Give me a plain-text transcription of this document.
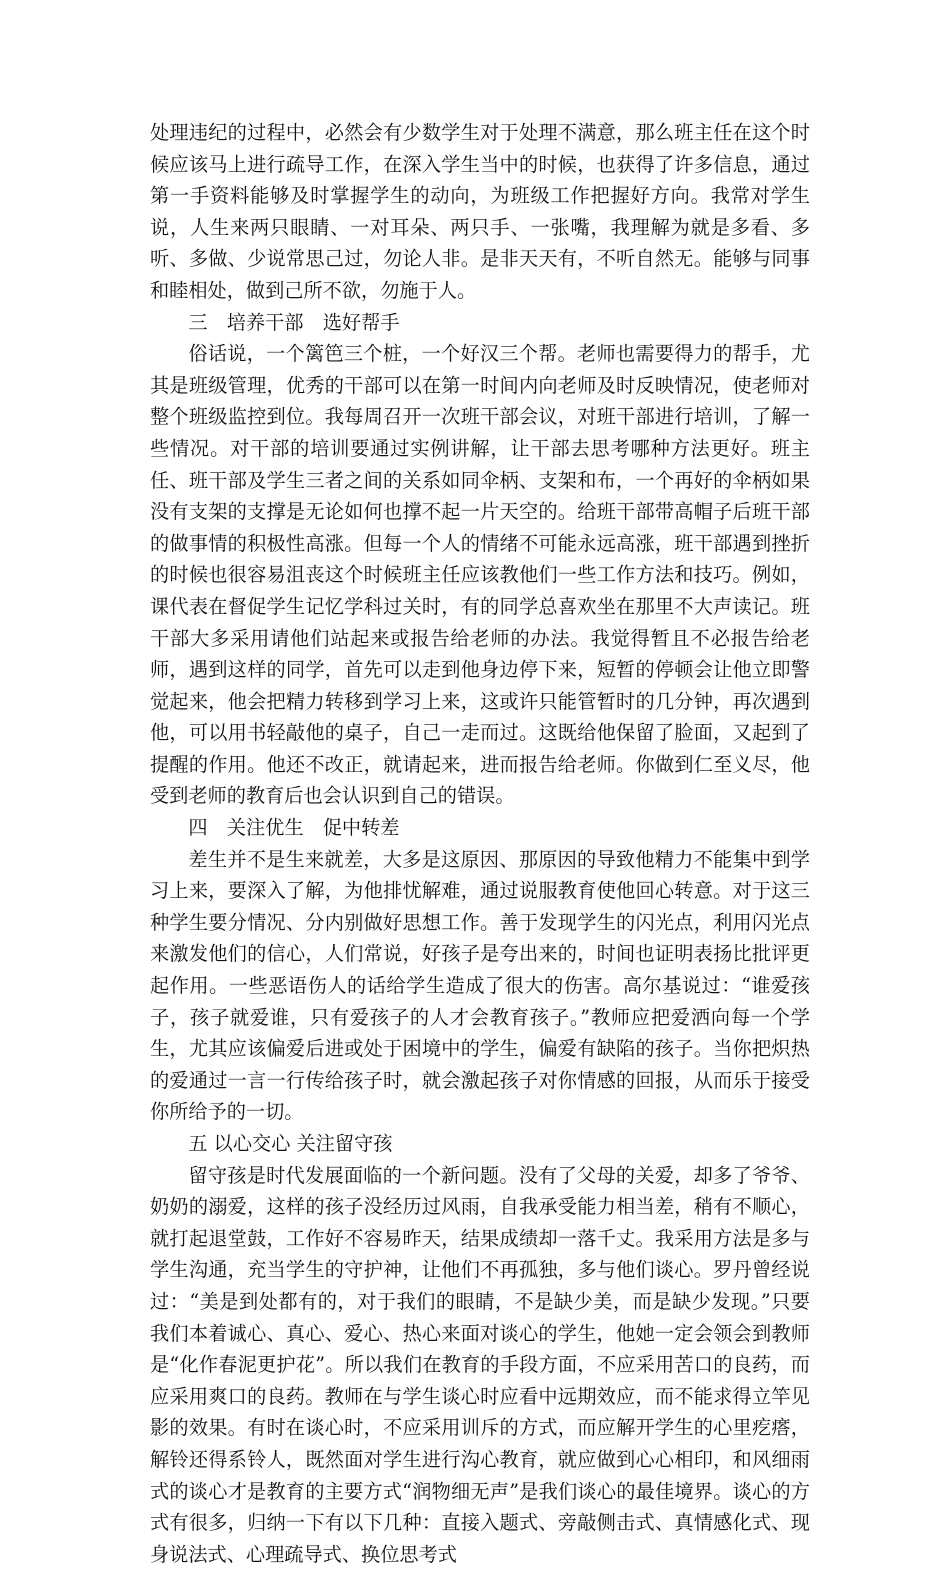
处理违纪的过程中，必然会有少数学生对于处理不满意，那么班主任在这个时候应该马上进行疏导工作，在深入学生当中的时候，也获得了许多信息，通过第一手资料能够及时掌握学生的动向，为班级工作把握好方向。我常对学生说，人生来两只眼睛、一对耳朵、两只手、一张嘴，我理解为就是多看、多听、多做、少说常思己过，勿论人非。是非天天有，不听自然无。能够与同事和睦相处，做到己所不欲，勿施于人。

三　培养干部　选好帮手

俗话说，一个篱笆三个桩，一个好汉三个帮。老师也需要得力的帮手，尤其是班级管理，优秀的干部可以在第一时间内向老师及时反映情况，使老师对整个班级监控到位。我每周召开一次班干部会议，对班干部进行培训，了解一些情况。对干部的培训要通过实例讲解，让干部去思考哪种方法更好。班主任、班干部及学生三者之间的关系如同伞柄、支架和布，一个再好的伞柄如果没有支架的支撑是无论如何也撑不起一片天空的。给班干部带高帽子后班干部的做事情的积极性高涨。但每一个人的情绪不可能永远高涨，班干部遇到挫折的时候也很容易沮丧这个时候班主任应该教他们一些工作方法和技巧。例如，课代表在督促学生记忆学科过关时，有的同学总喜欢坐在那里不大声读记。班干部大多采用请他们站起来或报告给老师的办法。我觉得暂且不必报告给老师，遇到这样的同学，首先可以走到他身边停下来，短暂的停顿会让他立即警觉起来，他会把精力转移到学习上来，这或许只能管暂时的几分钟，再次遇到他，可以用书轻敲他的桌子，自己一走而过。这既给他保留了脸面，又起到了提醒的作用。他还不改正，就请起来，进而报告给老师。你做到仁至义尽，他受到老师的教育后也会认识到自己的错误。

四　关注优生　促中转差

差生并不是生来就差，大多是这原因、那原因的导致他精力不能集中到学习上来，要深入了解，为他排忧解难，通过说服教育使他回心转意。对于这三种学生要分情况、分内别做好思想工作。善于发现学生的闪光点，利用闪光点来激发他们的信心，人们常说，好孩子是夸出来的，时间也证明表扬比批评更起作用。一些恶语伤人的话给学生造成了很大的伤害。高尔基说过：“谁爱孩子，孩子就爱谁，只有爱孩子的人才会教育孩子。”教师应把爱洒向每一个学生，尤其应该偏爱后进或处于困境中的学生，偏爱有缺陷的孩子。当你把炽热的爱通过一言一行传给孩子时，就会激起孩子对你情感的回报，从而乐于接受你所给予的一切。

五 以心交心 关注留守孩

留守孩是时代发展面临的一个新问题。没有了父母的关爱，却多了爷爷、奶奶的溺爱，这样的孩子没经历过风雨，自我承受能力相当差，稍有不顺心，就打起退堂鼓，工作好不容易昨天，结果成绩却一落千丈。我采用方法是多与学生沟通，充当学生的守护神，让他们不再孤独，多与他们谈心。罗丹曾经说过：“美是到处都有的，对于我们的眼睛，不是缺少美，而是缺少发现。”只要我们本着诚心、真心、爱心、热心来面对谈心的学生，他她一定会领会到教师是“化作春泥更护花”。所以我们在教育的手段方面，不应采用苦口的良药，而应采用爽口的良药。教师在与学生谈心时应看中远期效应，而不能求得立竿见影的效果。有时在谈心时，不应采用训斥的方式，而应解开学生的心里疙瘩，解铃还得系铃人，既然面对学生进行沟心教育，就应做到心心相印，和风细雨式的谈心才是教育的主要方式“润物细无声”是我们谈心的最佳境界。谈心的方式有很多，归纳一下有以下几种：直接入题式、旁敲侧击式、真情感化式、现身说法式、心理疏导式、换位思考式
